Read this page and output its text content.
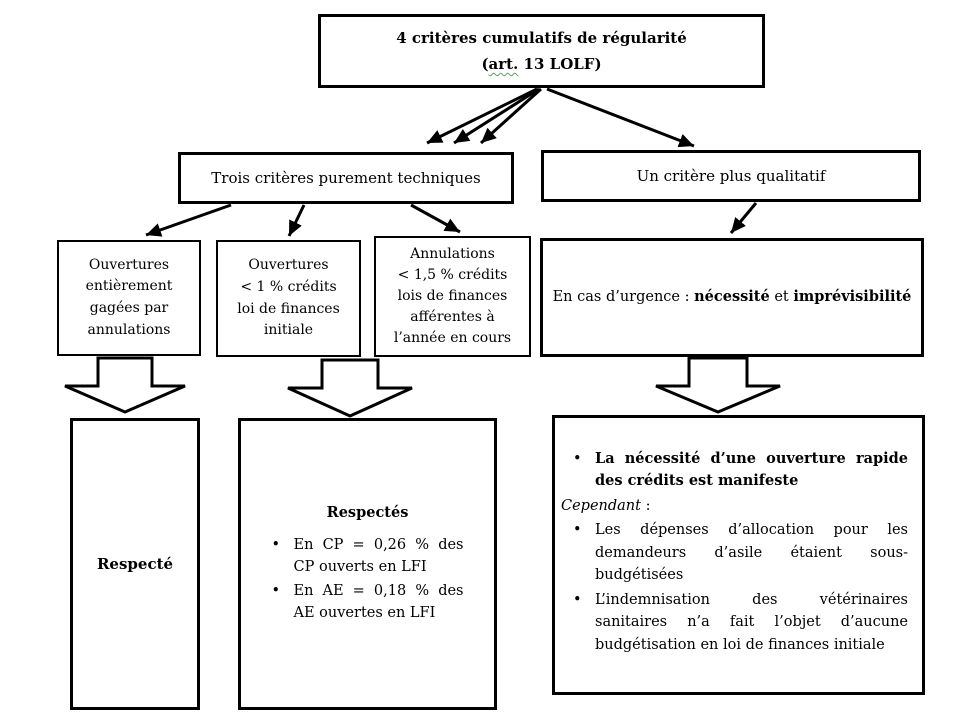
4 critères cumulatifs de régularité
(art. 13 LOLF)
Trois critères purement techniques	Un critère plus qualitatif
Ouvertures
entièrement
gagées par
annulations
Ouvertures
< 1 % crédits
loi de finances
initiale
Annulations
< 1,5 % crédits
lois de finances
afférentes à
l’année en cours
En cas d’urgence : nécessité et imprévisibilité
Respecté
Respectés
• En CP = 0,26 % des CP ouverts en LFI
• En AE = 0,18 % des AE ouvertes en LFI
• La nécessité d’une ouverture rapide des crédits est manifeste
Cependant :
• Les dépenses d’allocation pour les demandeurs d’asile étaient sous-budgétisées
• L’indemnisation des vétérinaires sanitaires n’a fait l’objet d’aucune budgétisation en loi de finances initiale
